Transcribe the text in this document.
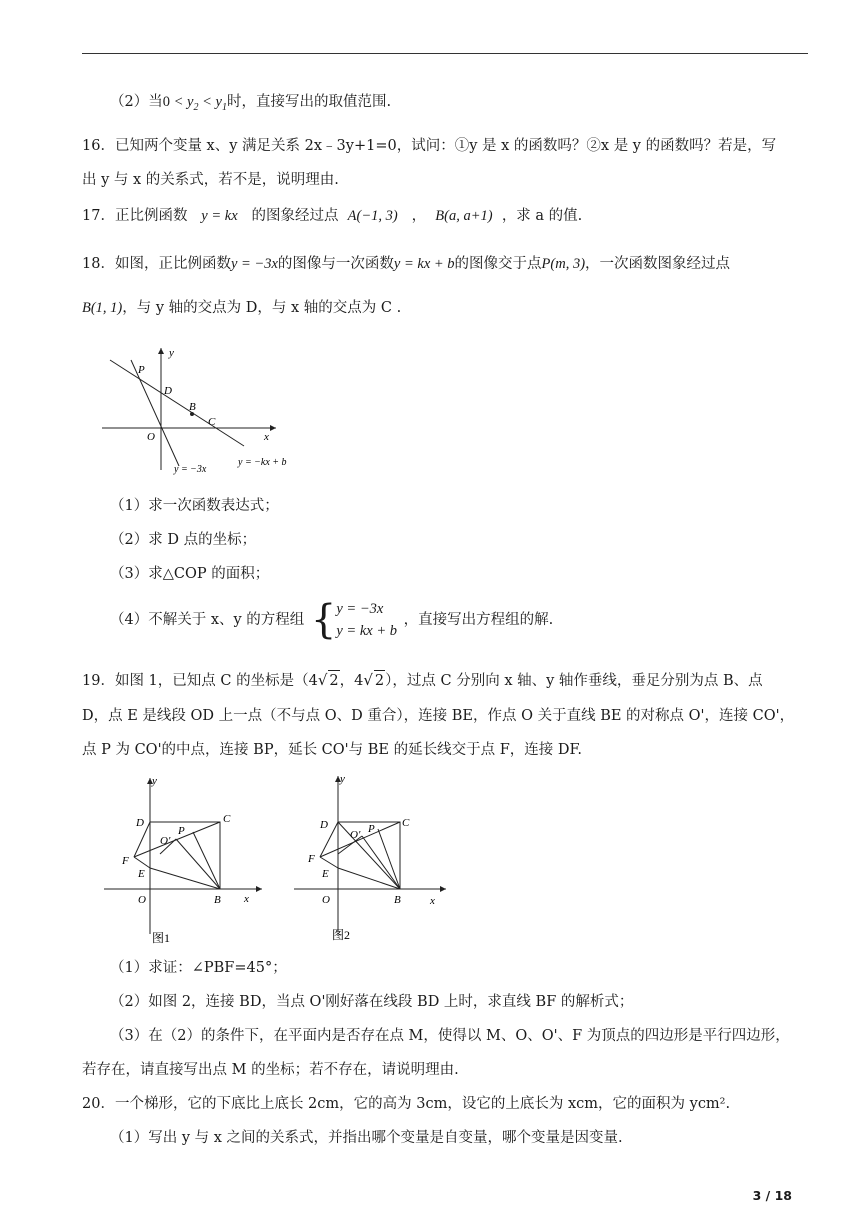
（2）当$0 < y_2 < y_1$时，直接写出的取值范围.
16．已知两个变量 x、y 满足关系 2x﹣3y+1=0，试问：①y 是 x 的函数吗？②x 是 y 的函数吗？若是，写
出 y 与 x 的关系式，若不是，说明理由.
17．正比例函数 y = kx 的图象经过点 A(−1, 3) ， B(a, a+1) ，求 a 的值.
18．如图，正比例函数y = −3x的图像与一次函数y = kx + b的图像交于点P(m, 3)，一次函数图象经过点
B(1, 1)，与 y 轴的交点为 D，与 x 轴的交点为 C .
y
x
P
D
B
C
O
y = −3x
y = −kx + b
（1）求一次函数表达式；
（2）求 D 点的坐标；
（3）求△COP 的面积；
（4）不解关于 x、y 的方程组 {y = −3x
y = kx + b ，直接写出方程组的解.
19．如图 1，已知点 C 的坐标是（4√ 2，4√ 2），过点 C 分别向 x 轴、y 轴作垂线，垂足分别为点 B、点
D，点 E 是线段 OD 上一点（不与点 O、D 重合），连接 BE，作点 O 关于直线 BE 的对称点 O'，连接 CO'，
点 P 为 CO'的中点，连接 BP，延长 CO'与 BE 的延长线交于点 F，连接 DF.
y
x
D	C
P
O'
F
E
O	B
图1
y
x
D	C
P
O'
F
E
O	B
图2
（1）求证：∠PBF=45°；
（2）如图 2，连接 BD，当点 O'刚好落在线段 BD 上时，求直线 BF 的解析式；
（3）在（2）的条件下，在平面内是否存在点 M，使得以 M、O、O'、F 为顶点的四边形是平行四边形，
若存在，请直接写出点 M 的坐标；若不存在，请说明理由.
20．一个梯形，它的下底比上底长 2cm，它的高为 3cm，设它的上底长为 xcm，它的面积为 ycm².
（1）写出 y 与 x 之间的关系式，并指出哪个变量是自变量，哪个变量是因变量.
3 / 18
